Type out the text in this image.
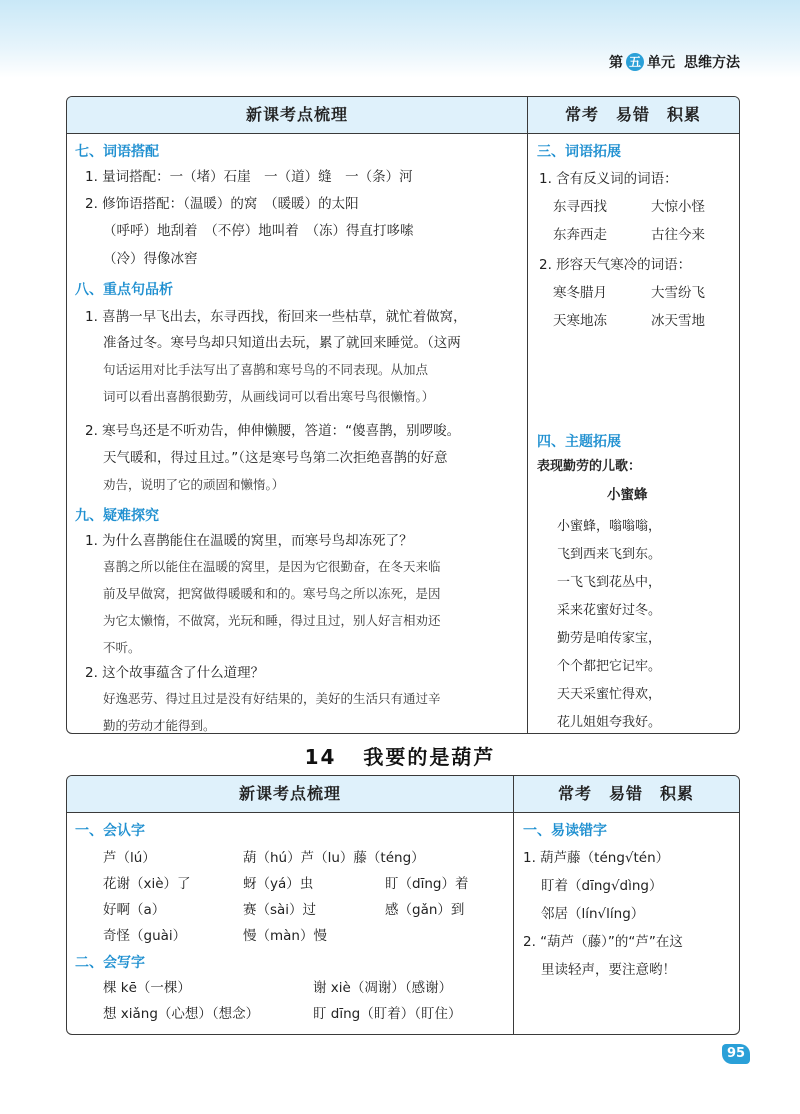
第 五 单元 思维方法
新课考点梳理	常考　易错　积累
七、词语搭配
1. 量词搭配：一（堵）石崖　一（道）缝　一（条）河
2. 修饰语搭配：（温暖）的窝　（暖暖）的太阳
（呼呼）地刮着　（不停）地叫着　（冻）得直打哆嗦
（冷）得像冰窖
八、重点句品析
1. 喜鹊一早飞出去，东寻西找，衔回来一些枯草，就忙着做窝，
准备过冬。寒号鸟却只知道出去玩，累了就回来睡觉。（这两
句话运用对比手法写出了喜鹊和寒号鸟的不同表现。从加点
词可以看出喜鹊很勤劳，从画线词可以看出寒号鸟很懒惰。）
2. 寒号鸟还是不听劝告，伸伸懒腰，答道：“傻喜鹊，别啰唆。
天气暖和，得过且过。”（这是寒号鸟第二次拒绝喜鹊的好意
劝告，说明了它的顽固和懒惰。）
九、疑难探究
1. 为什么喜鹊能住在温暖的窝里，而寒号鸟却冻死了？
喜鹊之所以能住在温暖的窝里，是因为它很勤奋，在冬天来临
前及早做窝，把窝做得暖暖和和的。寒号鸟之所以冻死，是因
为它太懒惰，不做窝，光玩和睡，得过且过，别人好言相劝还
不听。
2. 这个故事蕴含了什么道理？
好逸恶劳、得过且过是没有好结果的，美好的生活只有通过辛
勤的劳动才能得到。
三、词语拓展
1. 含有反义词的词语：
东寻西找	大惊小怪
东奔西走	古往今来
2. 形容天气寒冷的词语：
寒冬腊月	大雪纷飞
天寒地冻	冰天雪地
四、主题拓展
表现勤劳的儿歌：
小蜜蜂
小蜜蜂，嗡嗡嗡，
飞到西来飞到东。
一飞飞到花丛中，
采来花蜜好过冬。
勤劳是咱传家宝，
个个都把它记牢。
天天采蜜忙得欢，
花儿姐姐夸我好。
14 我要的是葫芦
新课考点梳理	常考　易错　积累
一、会认字
芦（lú）	葫（hú）芦（lu）藤（téng）
花谢（xiè）了	蚜（yá）虫	盯（dīng）着
好啊（a）	赛（sài）过	感（gǎn）到
奇怪（guài）	慢（màn）慢
二、会写字
棵 kē（一棵）	谢 xiè（凋谢）（感谢）
想 xiǎng（心想）（想念）	盯 dīng（盯着）（盯住）
一、易读错字
1. 葫芦藤（téng√tén）
盯着（dīng√dìng）
邻居（lín√líng）
2. “葫芦（藤）”的“芦”在这
里读轻声，要注意哟！
95
